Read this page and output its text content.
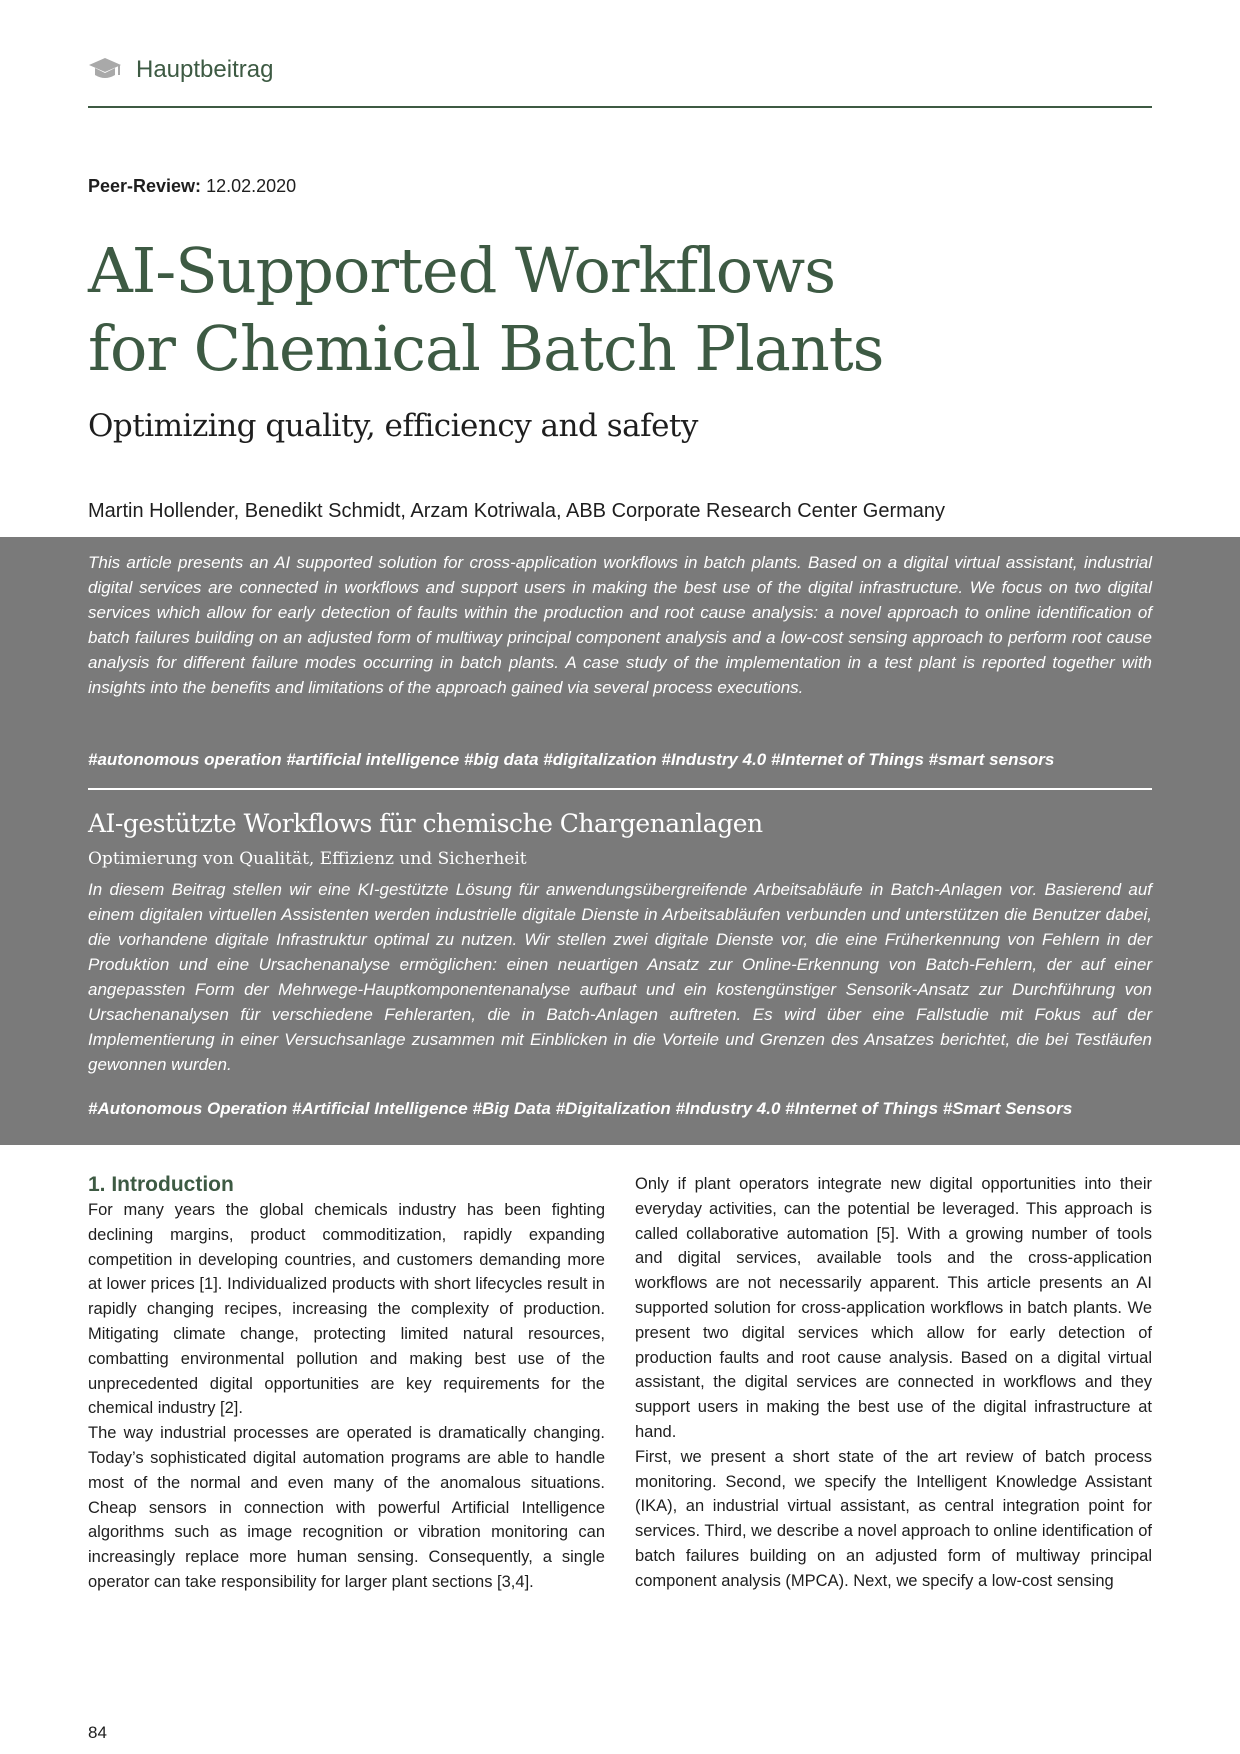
Hauptbeitrag
Peer-Review: 12.02.2020
AI-Supported Workflows
for Chemical Batch Plants
Optimizing quality, efficiency and safety
Martin Hollender, Benedikt Schmidt, Arzam Kotriwala, ABB Corporate Research Center Germany

This article presents an AI supported solution for cross-application workflows in batch plants. Based on a digital virtual assistant, industrial digital services are connected in workflows and support users in making the best use of the digital infrastructure. We focus on two digital services which allow for early detection of faults within the production and root cause analysis: a novel approach to online identification of batch failures building on an adjusted form of multiway principal component analysis and a low-cost sensing approach to perform root cause analysis for different failure modes occurring in batch plants. A case study of the implementation in a test plant is reported together with insights into the benefits and limitations of the approach gained via several process executions.

#autonomous operation #artificial intelligence #big data #digitalization #Industry 4.0 #Internet of Things #smart sensors
AI-gestützte Workflows für chemische Chargenanlagen
Optimierung von Qualität, Effizienz und Sicherheit

In diesem Beitrag stellen wir eine KI-gestützte Lösung für anwendungsübergreifende Arbeitsabläufe in Batch-Anlagen vor. Basierend auf einem digitalen virtuellen Assistenten werden industrielle digitale Dienste in Arbeitsabläufen verbunden und unterstützen die Benutzer dabei, die vorhandene digitale Infrastruktur optimal zu nutzen. Wir stellen zwei digitale Dienste vor, die eine Früherkennung von Fehlern in der Produktion und eine Ursachenanalyse ermöglichen: einen neuartigen Ansatz zur Online-Erkennung von Batch-Fehlern, der auf einer angepassten Form der Mehrwege-Hauptkomponentenanalyse aufbaut und ein kostengünstiger Sensorik-Ansatz zur Durchführung von Ursachenanalysen für verschiedene Fehlerarten, die in Batch-Anlagen auftreten. Es wird über eine Fallstudie mit Fokus auf der Implementierung in einer Versuchsanlage zusammen mit Einblicken in die Vorteile und Grenzen des Ansatzes berichtet, die bei Testläufen gewonnen wurden.

#Autonomous Operation #Artificial Intelligence #Big Data #Digitalization #Industry 4.0 #Internet of Things #Smart Sensors
1. Introduction

For many years the global chemicals industry has been fighting declining margins, product commoditization, rapidly expanding competition in developing countries, and customers demanding more at lower prices [1]. Individualized products with short lifecycles result in rapidly changing recipes, increasing the complexity of production. Mitigating climate change, protecting limited natural resources, combatting environmental pollution and making best use of the unprecedented digital opportunities are key requirements for the chemical industry [2].

The way industrial processes are operated is dramatically changing. Today’s sophisticated digital automation programs are able to handle most of the normal and even many of the anomalous situations. Cheap sensors in connection with powerful Artificial Intelligence algorithms such as image recognition or vibration monitoring can increasingly replace more human sensing. Consequently, a single operator can take responsibility for larger plant sections [3,4].

Only if plant operators integrate new digital opportunities into their everyday activities, can the potential be leveraged. This approach is called collaborative automation [5]. With a growing number of tools and digital services, available tools and the cross-application workflows are not necessarily apparent. This article presents an AI supported solution for cross-application workflows in batch plants. We present two digital services which allow for early detection of production faults and root cause analysis. Based on a digital virtual assistant, the digital services are connected in workflows and they support users in making the best use of the digital infrastructure at hand.

First, we present a short state of the art review of batch process monitoring. Second, we specify the Intelligent Knowledge Assistant (IKA), an industrial virtual assistant, as central integration point for services. Third, we describe a novel approach to online identification of batch failures building on an adjusted form of multiway principal component analysis (MPCA). Next, we specify a low-cost sensing

84
